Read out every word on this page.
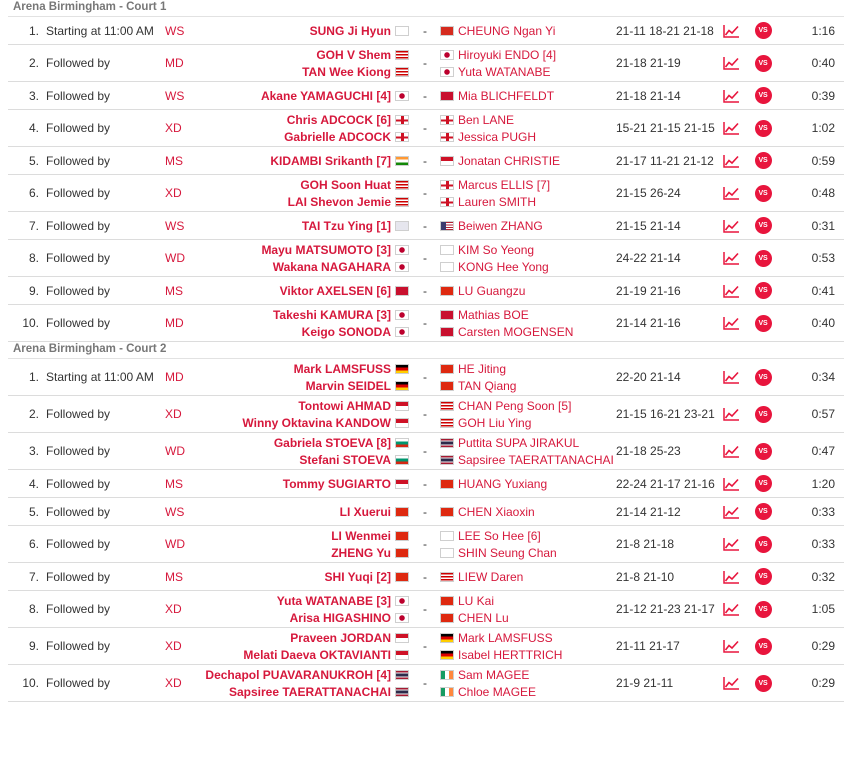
Arena Birmingham - Court 1
1. Starting at 11:00 AM WS	SUNG Ji Hyun	-	CHEUNG Ngan Yi	21-11 18-21 21-18	VS	1:16
2. Followed by	MD
GOH V Shem
TAN Wee Kiong
-
Hiroyuki ENDO [4]
Yuta WATANABE
21-18 21-19	VS	0:40
3. Followed by	WS	Akane YAMAGUCHI [4]	-	Mia BLICHFELDT	21-18 21-14	VS	0:39
4. Followed by	XD
Chris ADCOCK [6]
Gabrielle ADCOCK
-
Ben LANE
Jessica PUGH
15-21 21-15 21-15	VS	1:02
5. Followed by	MS	KIDAMBI Srikanth [7]	-	Jonatan CHRISTIE	21-17 11-21 21-12	VS	0:59
6. Followed by	XD
GOH Soon Huat
LAI Shevon Jemie
-
Marcus ELLIS [7]
Lauren SMITH
21-15 26-24	VS	0:48
7. Followed by	WS	TAI Tzu Ying [1]	-	Beiwen ZHANG	21-15 21-14	VS	0:31
8. Followed by	WD
Mayu MATSUMOTO [3]
Wakana NAGAHARA
-
KIM So Yeong
KONG Hee Yong
24-22 21-14	VS	0:53
9. Followed by	MS	Viktor AXELSEN [6]	-	LU Guangzu	21-19 21-16	VS	0:41
10. Followed by	MD
Takeshi KAMURA [3]
Keigo SONODA
-
Mathias BOE
Carsten MOGENSEN
21-14 21-16	VS	0:40
Arena Birmingham - Court 2
1. Starting at 11:00 AM MD
Mark LAMSFUSS
Marvin SEIDEL
-
HE Jiting
TAN Qiang
22-20 21-14	VS	0:34
2. Followed by	XD
Tontowi AHMAD
Winny Oktavina KANDOW
-
CHAN Peng Soon [5]
GOH Liu Ying
21-15 16-21 23-21	VS	0:57
3. Followed by	WD
Gabriela STOEVA [8]
Stefani STOEVA
-
Puttita SUPA JIRAKUL
Sapsiree TAERATTANACHAI
21-18 25-23	VS	0:47
4. Followed by	MS	Tommy SUGIARTO	-	HUANG Yuxiang	22-24 21-17 21-16	VS	1:20
5. Followed by	WS	LI Xuerui	-	CHEN Xiaoxin	21-14 21-12	VS	0:33
6. Followed by	WD
LI Wenmei
ZHENG Yu
-
LEE So Hee [6]
SHIN Seung Chan
21-8 21-18	VS	0:33
7. Followed by	MS	SHI Yuqi [2]	-	LIEW Daren	21-8 21-10	VS	0:32
8. Followed by	XD
Yuta WATANABE [3]
Arisa HIGASHINO
-
LU Kai
CHEN Lu
21-12 21-23 21-17	VS	1:05
9. Followed by	XD
Praveen JORDAN
Melati Daeva OKTAVIANTI
-
Mark LAMSFUSS
Isabel HERTTRICH
21-11 21-17	VS	0:29
10. Followed by	XD
Dechapol PUAVARANUKROH [4]
Sapsiree TAERATTANACHAI
-
Sam MAGEE
Chloe MAGEE
21-9 21-11	VS	0:29
